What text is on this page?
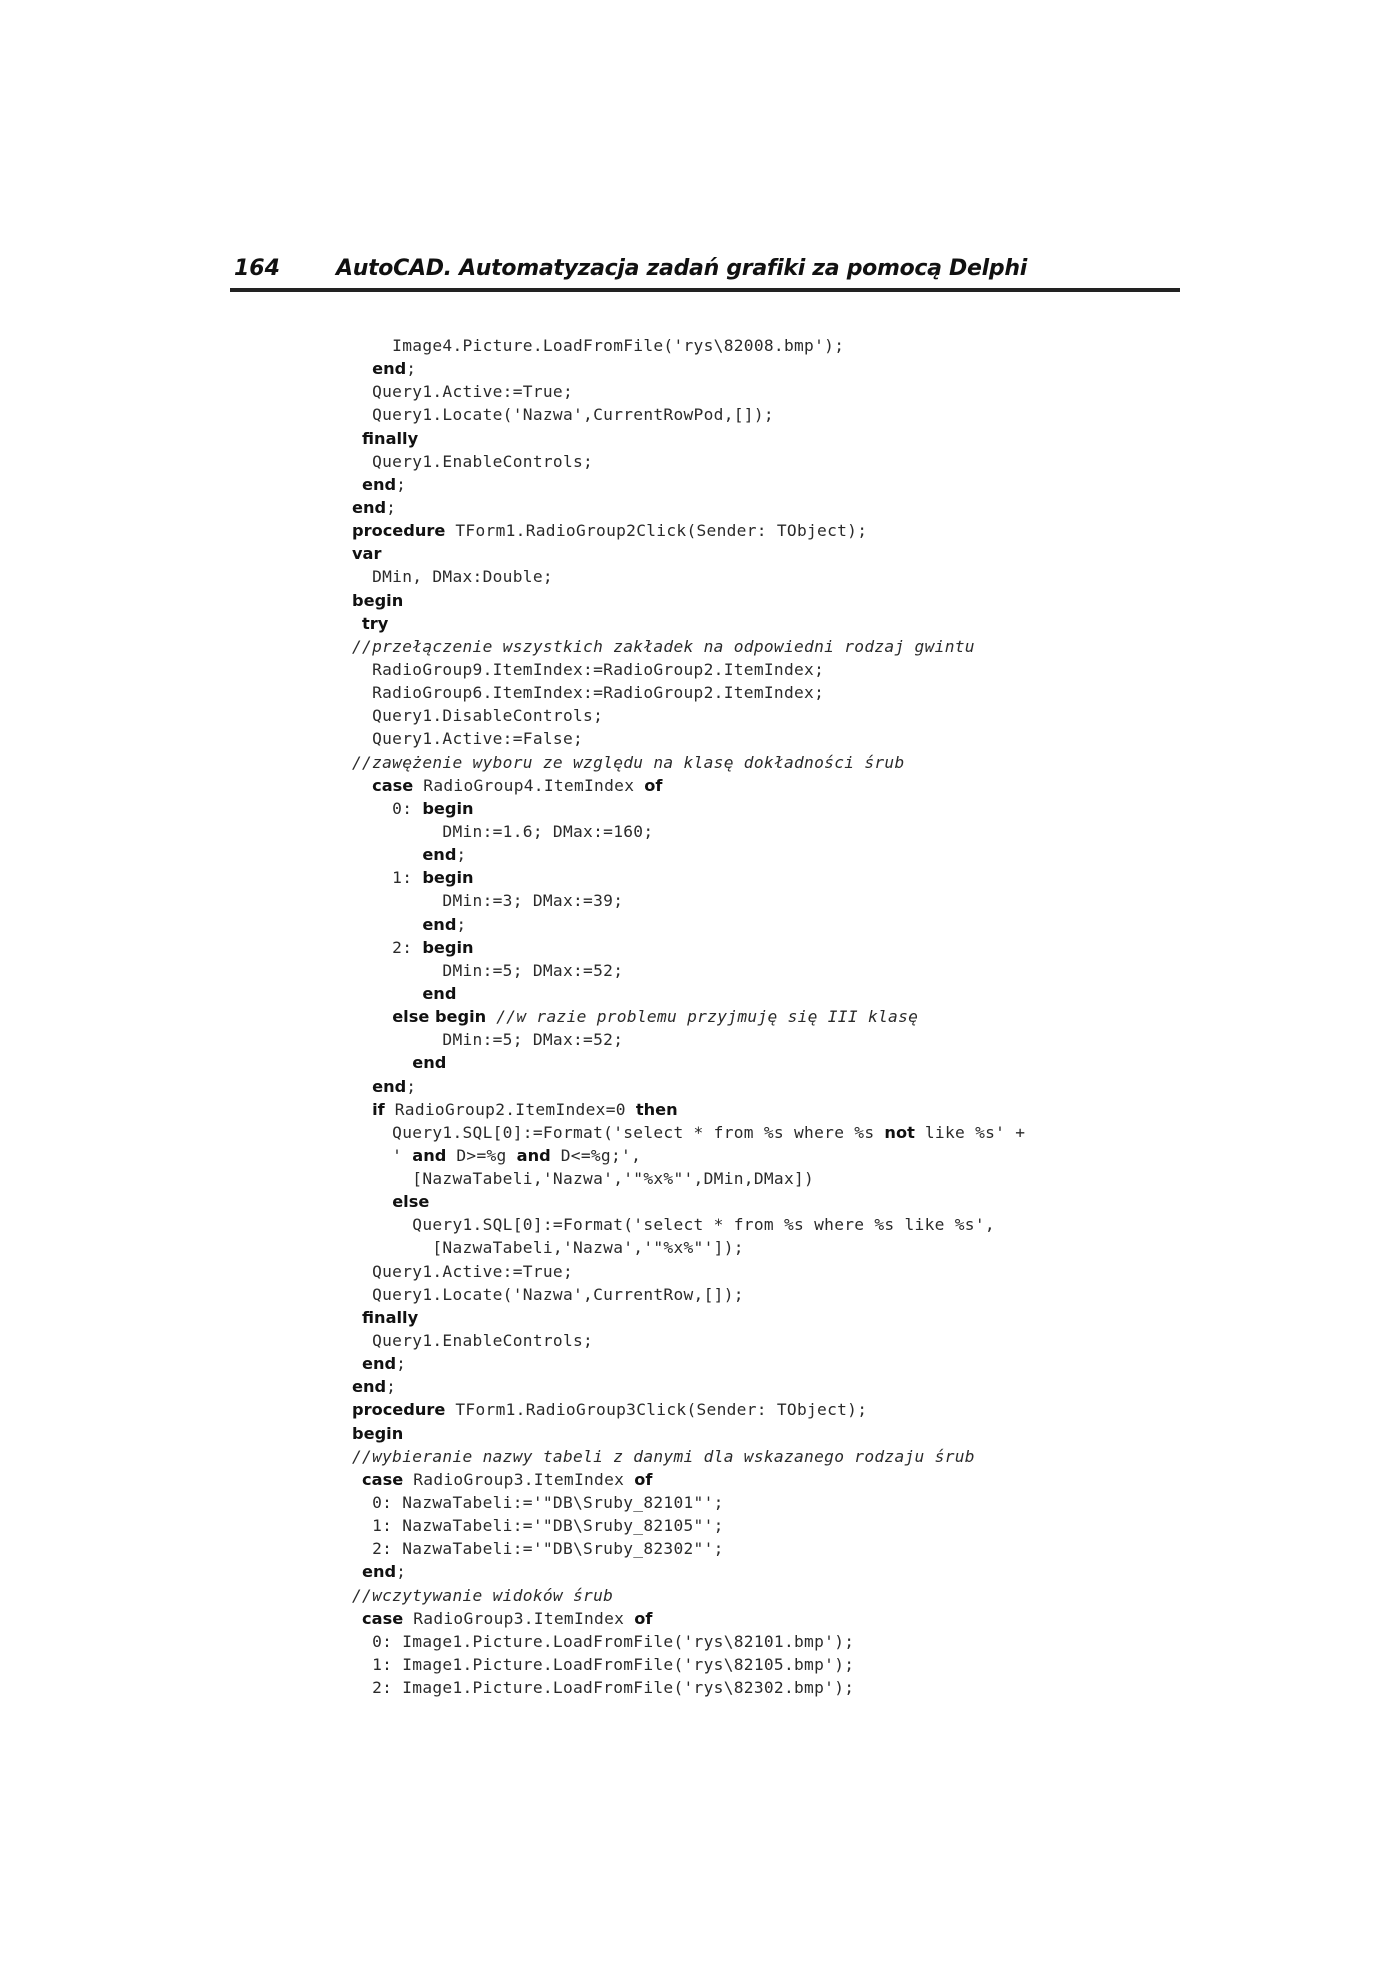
164	AutoCAD. Automatyzacja zadań grafiki za pomocą Delphi
Image4.Picture.LoadFromFile('rys\82008.bmp');
end;
Query1.Active:=True;
Query1.Locate('Nazwa',CurrentRowPod,[]);
finally
Query1.EnableControls;
end;
end;
procedure TForm1.RadioGroup2Click(Sender: TObject);
var
DMin, DMax:Double;
begin
try
//przełączenie wszystkich zakładek na odpowiedni rodzaj gwintu
RadioGroup9.ItemIndex:=RadioGroup2.ItemIndex;
RadioGroup6.ItemIndex:=RadioGroup2.ItemIndex;
Query1.DisableControls;
Query1.Active:=False;
//zawężenie wyboru ze względu na klasę dokładności śrub
case RadioGroup4.ItemIndex of
0: begin
DMin:=1.6; DMax:=160;
end;
1: begin
DMin:=3; DMax:=39;
end;
2: begin
DMin:=5; DMax:=52;
end
else begin //w razie problemu przyjmuję się III klasę
DMin:=5; DMax:=52;
end
end;
if RadioGroup2.ItemIndex=0 then
Query1.SQL[0]:=Format('select * from %s where %s not like %s' +
' and D>=%g and D<=%g;',
[NazwaTabeli,'Nazwa','"%x%"',DMin,DMax])
else
Query1.SQL[0]:=Format('select * from %s where %s like %s',
[NazwaTabeli,'Nazwa','"%x%"']);
Query1.Active:=True;
Query1.Locate('Nazwa',CurrentRow,[]);
finally
Query1.EnableControls;
end;
end;
procedure TForm1.RadioGroup3Click(Sender: TObject);
begin
//wybieranie nazwy tabeli z danymi dla wskazanego rodzaju śrub
case RadioGroup3.ItemIndex of
0: NazwaTabeli:='"DB\Sruby_82101"';
1: NazwaTabeli:='"DB\Sruby_82105"';
2: NazwaTabeli:='"DB\Sruby_82302"';
end;
//wczytywanie widoków śrub
case RadioGroup3.ItemIndex of
0: Image1.Picture.LoadFromFile('rys\82101.bmp');
1: Image1.Picture.LoadFromFile('rys\82105.bmp');
2: Image1.Picture.LoadFromFile('rys\82302.bmp');
